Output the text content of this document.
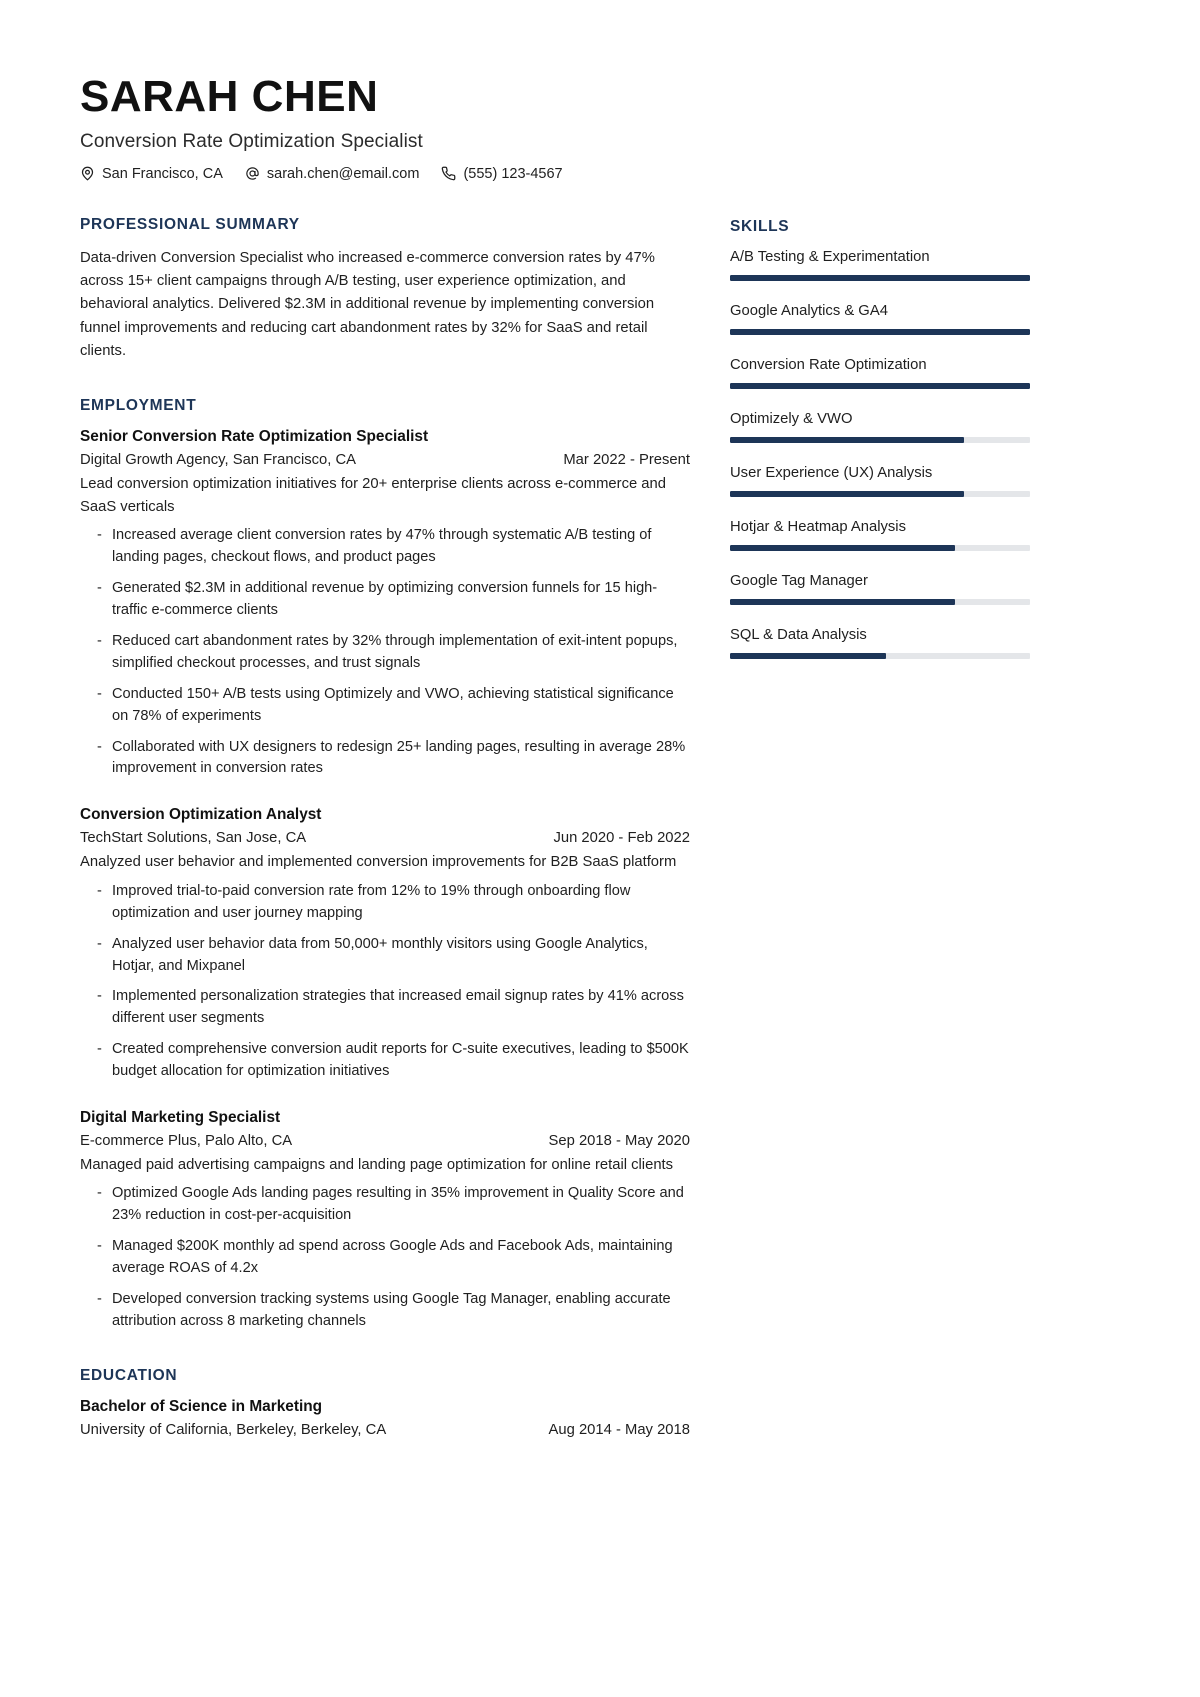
SARAH CHEN
Conversion Rate Optimization Specialist
San Francisco, CA	sarah.chen@email.com	(555) 123-4567
PROFESSIONAL SUMMARY
Data-driven Conversion Specialist who increased e-commerce conversion rates by 47% across 15+ client campaigns through A/B testing, user experience optimization, and behavioral analytics. Delivered $2.3M in additional revenue by implementing conversion funnel improvements and reducing cart abandonment rates by 32% for SaaS and retail clients.
EMPLOYMENT
Senior Conversion Rate Optimization Specialist
Digital Growth Agency, San Francisco, CA	Mar 2022 - Present
Lead conversion optimization initiatives for 20+ enterprise clients across e-commerce and SaaS verticals
- Increased average client conversion rates by 47% through systematic A/B testing of landing pages, checkout flows, and product pages
- Generated $2.3M in additional revenue by optimizing conversion funnels for 15 high-traffic e-commerce clients
- Reduced cart abandonment rates by 32% through implementation of exit-intent popups, simplified checkout processes, and trust signals
- Conducted 150+ A/B tests using Optimizely and VWO, achieving statistical significance on 78% of experiments
- Collaborated with UX designers to redesign 25+ landing pages, resulting in average 28% improvement in conversion rates
Conversion Optimization Analyst
TechStart Solutions, San Jose, CA	Jun 2020 - Feb 2022
Analyzed user behavior and implemented conversion improvements for B2B SaaS platform
- Improved trial-to-paid conversion rate from 12% to 19% through onboarding flow optimization and user journey mapping
- Analyzed user behavior data from 50,000+ monthly visitors using Google Analytics, Hotjar, and Mixpanel
- Implemented personalization strategies that increased email signup rates by 41% across different user segments
- Created comprehensive conversion audit reports for C-suite executives, leading to $500K budget allocation for optimization initiatives
Digital Marketing Specialist
E-commerce Plus, Palo Alto, CA	Sep 2018 - May 2020
Managed paid advertising campaigns and landing page optimization for online retail clients
- Optimized Google Ads landing pages resulting in 35% improvement in Quality Score and 23% reduction in cost-per-acquisition
- Managed $200K monthly ad spend across Google Ads and Facebook Ads, maintaining average ROAS of 4.2x
- Developed conversion tracking systems using Google Tag Manager, enabling accurate attribution across 8 marketing channels
EDUCATION
Bachelor of Science in Marketing
University of California, Berkeley, Berkeley, CA	Aug 2014 - May 2018
SKILLS
A/B Testing & Experimentation
Google Analytics & GA4
Conversion Rate Optimization
Optimizely & VWO
User Experience (UX) Analysis
Hotjar & Heatmap Analysis
Google Tag Manager
SQL & Data Analysis
